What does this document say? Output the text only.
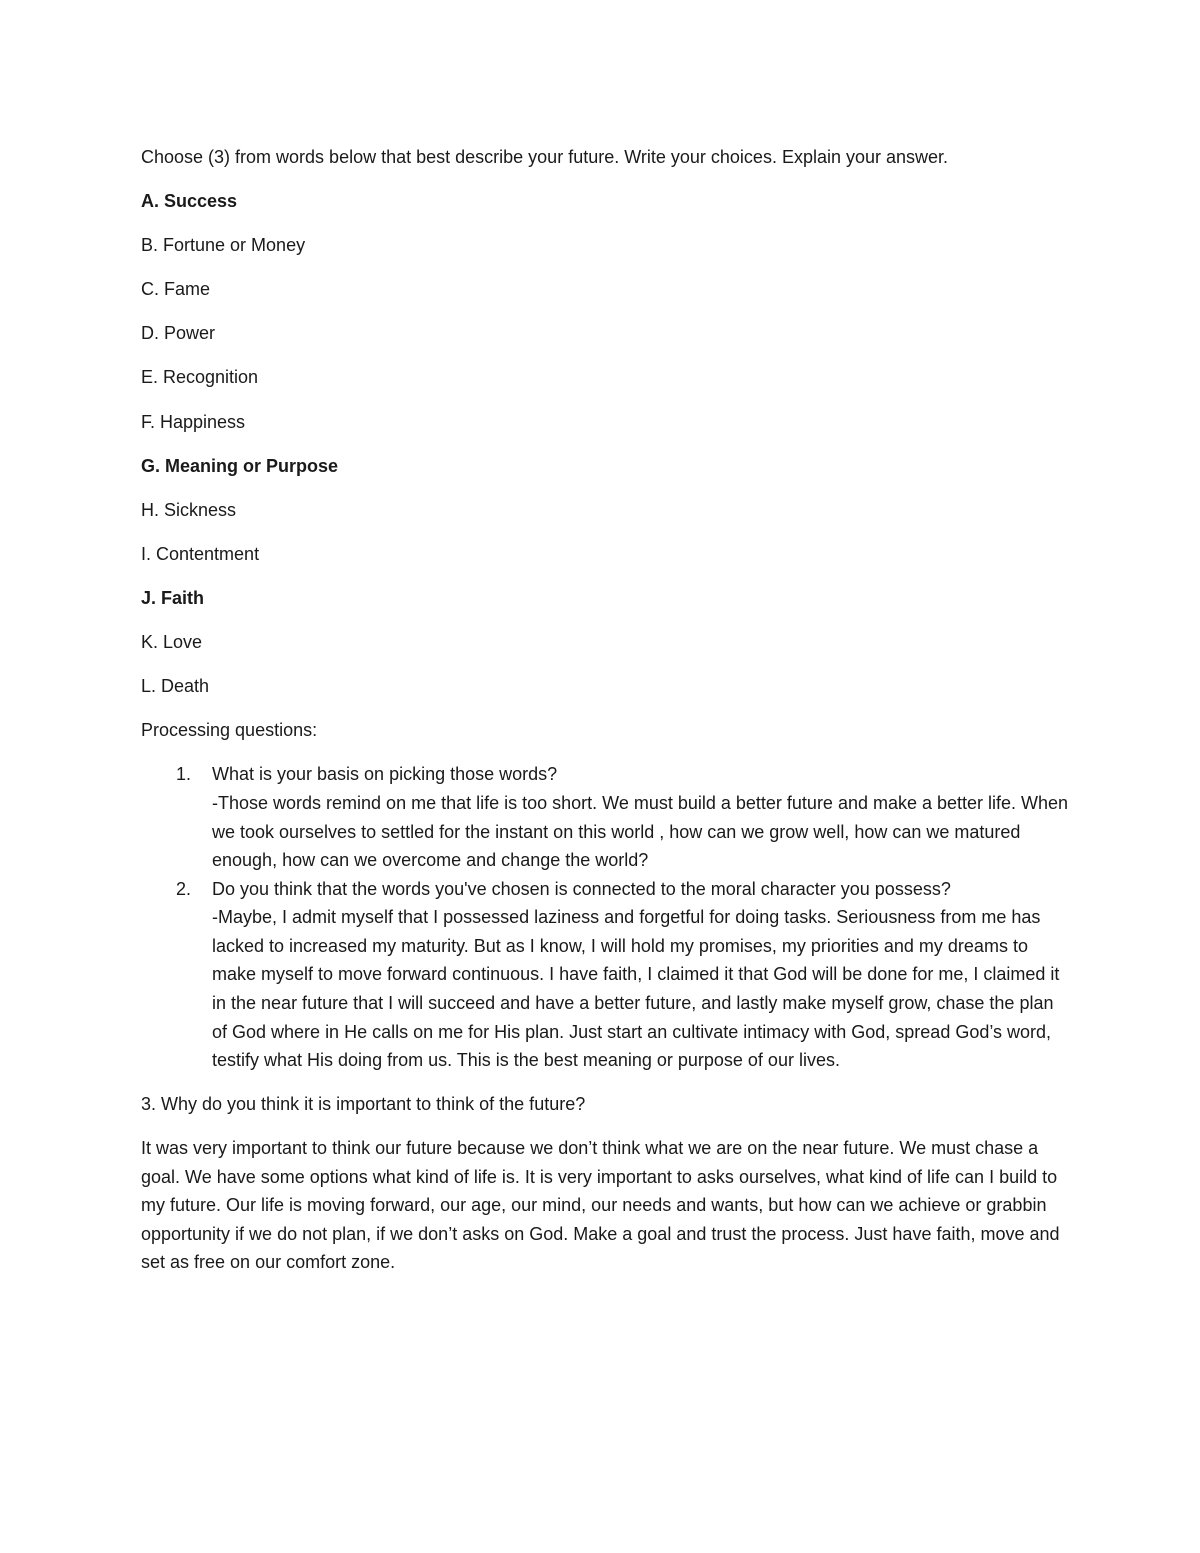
Choose (3) from words below that best describe your future. Write your choices. Explain your answer.

A. Success

B. Fortune or Money

C. Fame

D. Power

E. Recognition

F. Happiness

G. Meaning or Purpose

H. Sickness

I. Contentment

J. Faith

K. Love

L. Death

Processing questions:

1. What is your basis on picking those words?
-Those words remind on me that life is too short. We must build a better future and make a better life. When we took ourselves to settled for the instant on this world , how can we grow well, how can we matured enough, how can we overcome and change the world?
2. Do you think that the words you've chosen is connected to the moral character you possess?
-Maybe, I admit myself that I possessed laziness and forgetful for doing tasks. Seriousness from me has lacked to increased my maturity. But as I know, I will hold my promises, my priorities and my dreams to make myself to move forward continuous. I have faith, I claimed it that God will be done for me, I claimed it in the near future that I will succeed and have a better future, and lastly make myself grow, chase the plan of God where in He calls on me for His plan. Just start an cultivate intimacy with God, spread God’s word, testify what His doing from us. This is the best meaning or purpose of our lives.

3. Why do you think it is important to think of the future?

It was very important to think our future because we don’t think what we are on the near future. We must chase a goal. We have some options what kind of life is. It is very important to asks ourselves, what kind of life can I build to my future. Our life is moving forward, our age, our mind, our needs and wants, but how can we achieve or grabbin opportunity if we do not plan, if we don’t asks on God. Make a goal and trust the process. Just have faith, move and set as free on our comfort zone.
